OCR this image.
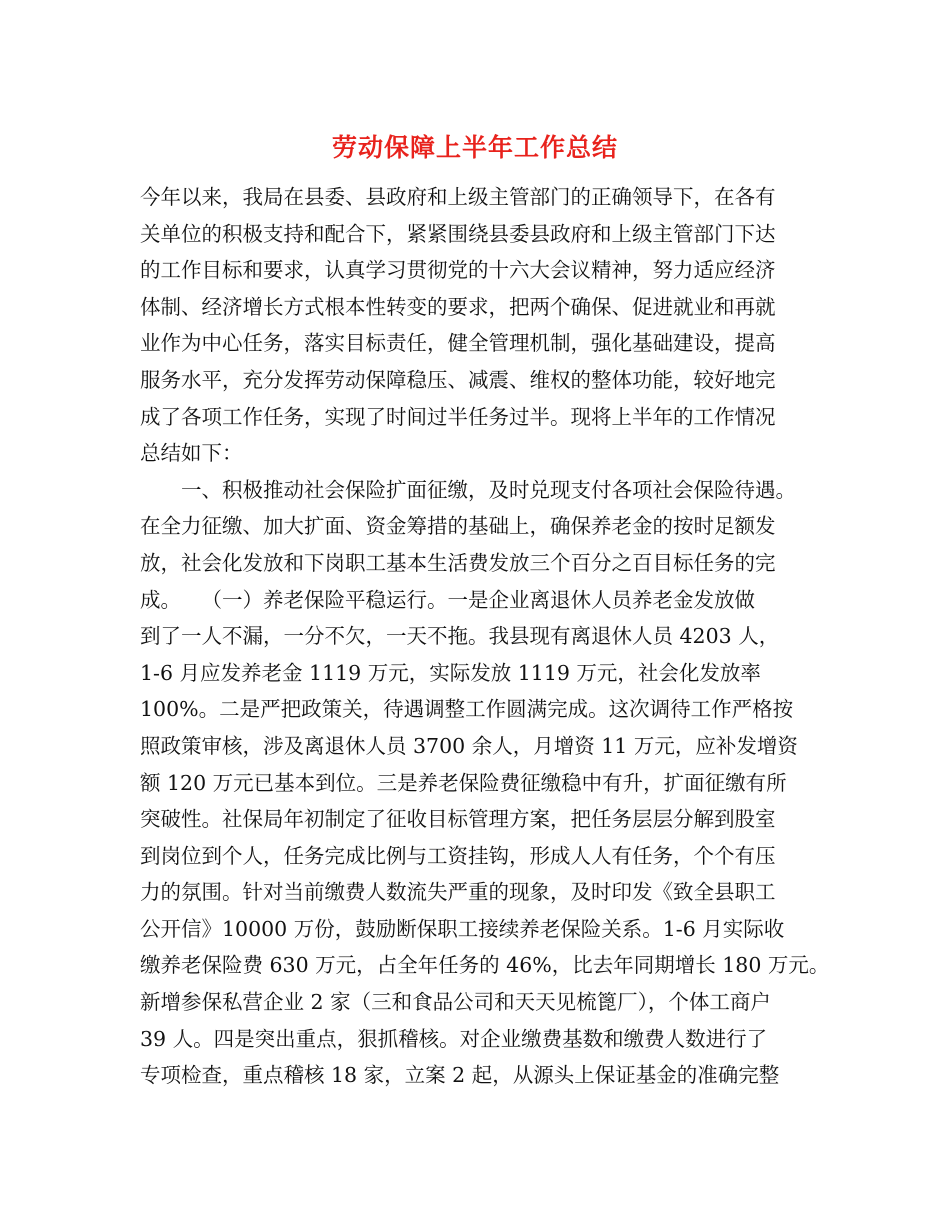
劳动保障上半年工作总结
今年以来，我局在县委、县政府和上级主管部门的正确领导下，在各有
关单位的积极支持和配合下，紧紧围绕县委县政府和上级主管部门下达
的工作目标和要求，认真学习贯彻党的十六大会议精神，努力适应经济
体制、经济增长方式根本性转变的要求，把两个确保、促进就业和再就
业作为中心任务，落实目标责任，健全管理机制，强化基础建设，提高
服务水平，充分发挥劳动保障稳压、减震、维权的整体功能，较好地完
成了各项工作任务，实现了时间过半任务过半。现将上半年的工作情况
总结如下：
　　一、积极推动社会保险扩面征缴，及时兑现支付各项社会保险待遇。
在全力征缴、加大扩面、资金筹措的基础上，确保养老金的按时足额发
放，社会化发放和下岗职工基本生活费发放三个百分之百目标任务的完
成。　　（一）养老保险平稳运行。一是企业离退休人员养老金发放做
到了一人不漏，一分不欠，一天不拖。我县现有离退休人员 4203 人，
1-6 月应发养老金 1119 万元，实际发放 1119 万元，社会化发放率
100%。二是严把政策关，待遇调整工作圆满完成。这次调待工作严格按
照政策审核，涉及离退休人员 3700 余人，月增资 11 万元，应补发增资
额 120 万元已基本到位。三是养老保险费征缴稳中有升，扩面征缴有所
突破性。社保局年初制定了征收目标管理方案，把任务层层分解到股室
到岗位到个人，任务完成比例与工资挂钩，形成人人有任务，个个有压
力的氛围。针对当前缴费人数流失严重的现象，及时印发《致全县职工
公开信》10000 万份，鼓励断保职工接续养老保险关系。1-6 月实际收
缴养老保险费 630 万元，占全年任务的 46%，比去年同期增长 180 万元。
新增参保私营企业 2 家（三和食品公司和天天见梳篦厂），个体工商户
39 人。四是突出重点，狠抓稽核。对企业缴费基数和缴费人数进行了
专项检查，重点稽核 18 家，立案 2 起，从源头上保证基金的准确完整
